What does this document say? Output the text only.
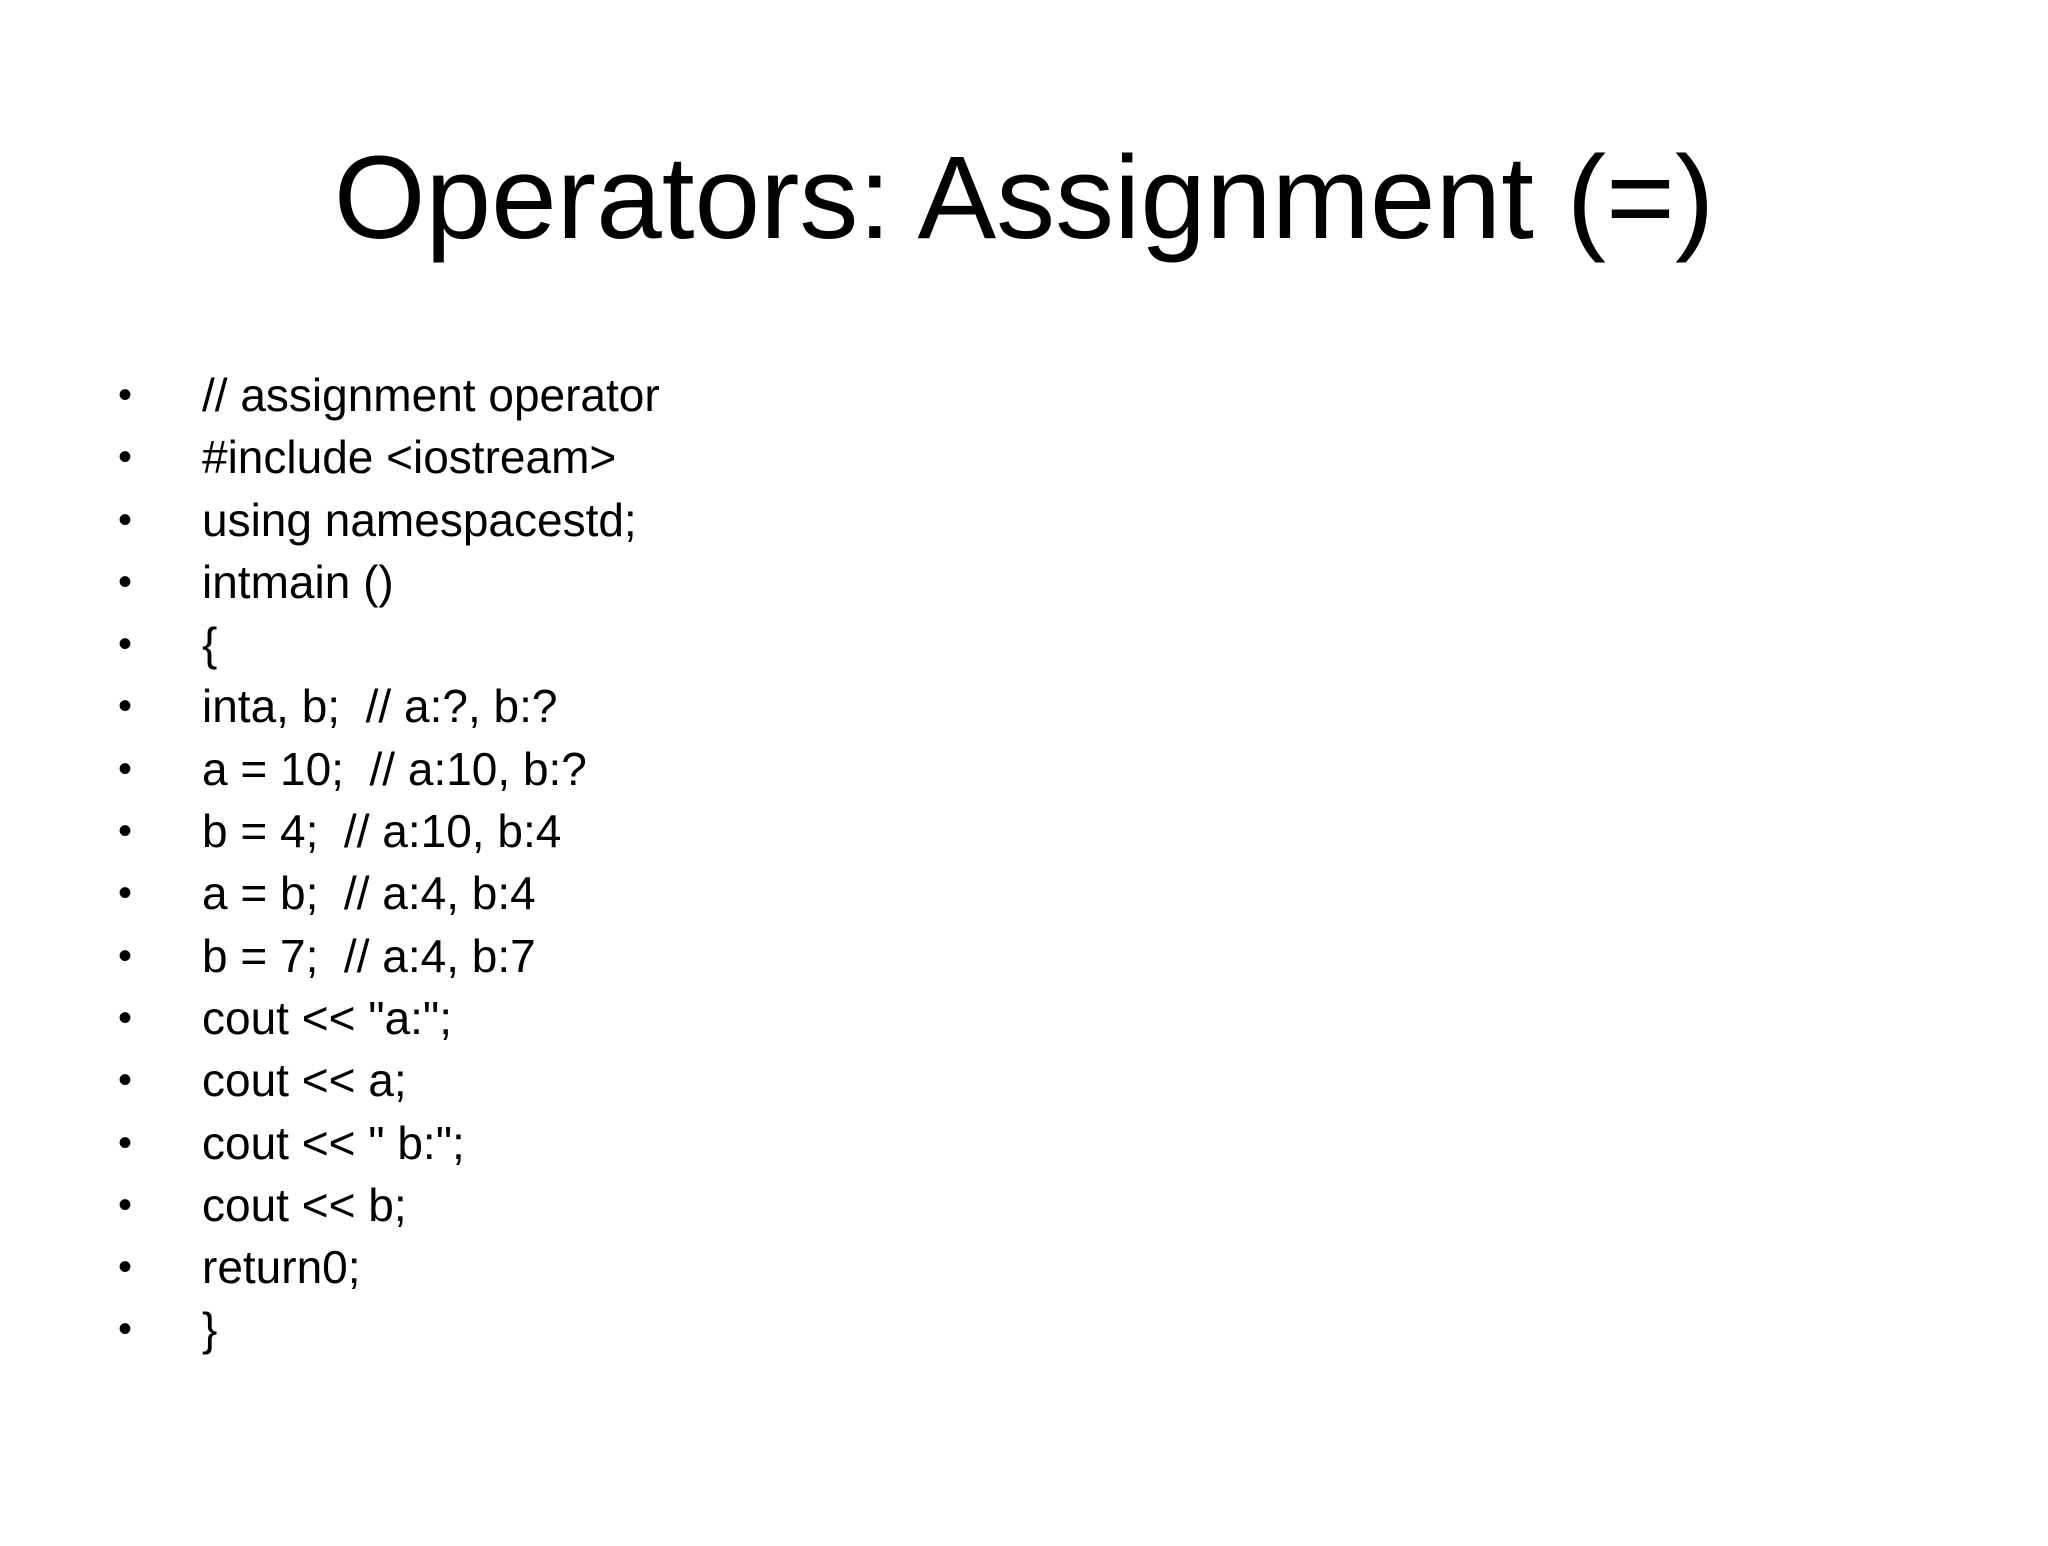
Operators: Assignment (=)

•

	// assignment operator

•

	#include <iostream>

•

	using namespacestd;

•

	intmain ()

•

	{

•

	inta, b;  // a:?, b:?

•

	a = 10;  // a:10, b:?

•

	b = 4;  // a:10, b:4

•

	a = b;  // a:4, b:4

•

	b = 7;  // a:4, b:7

•

	cout << "a:";

•

	cout << a;

•

	cout << " b:";

•

	cout << b;

•

	return0;

•

	}
